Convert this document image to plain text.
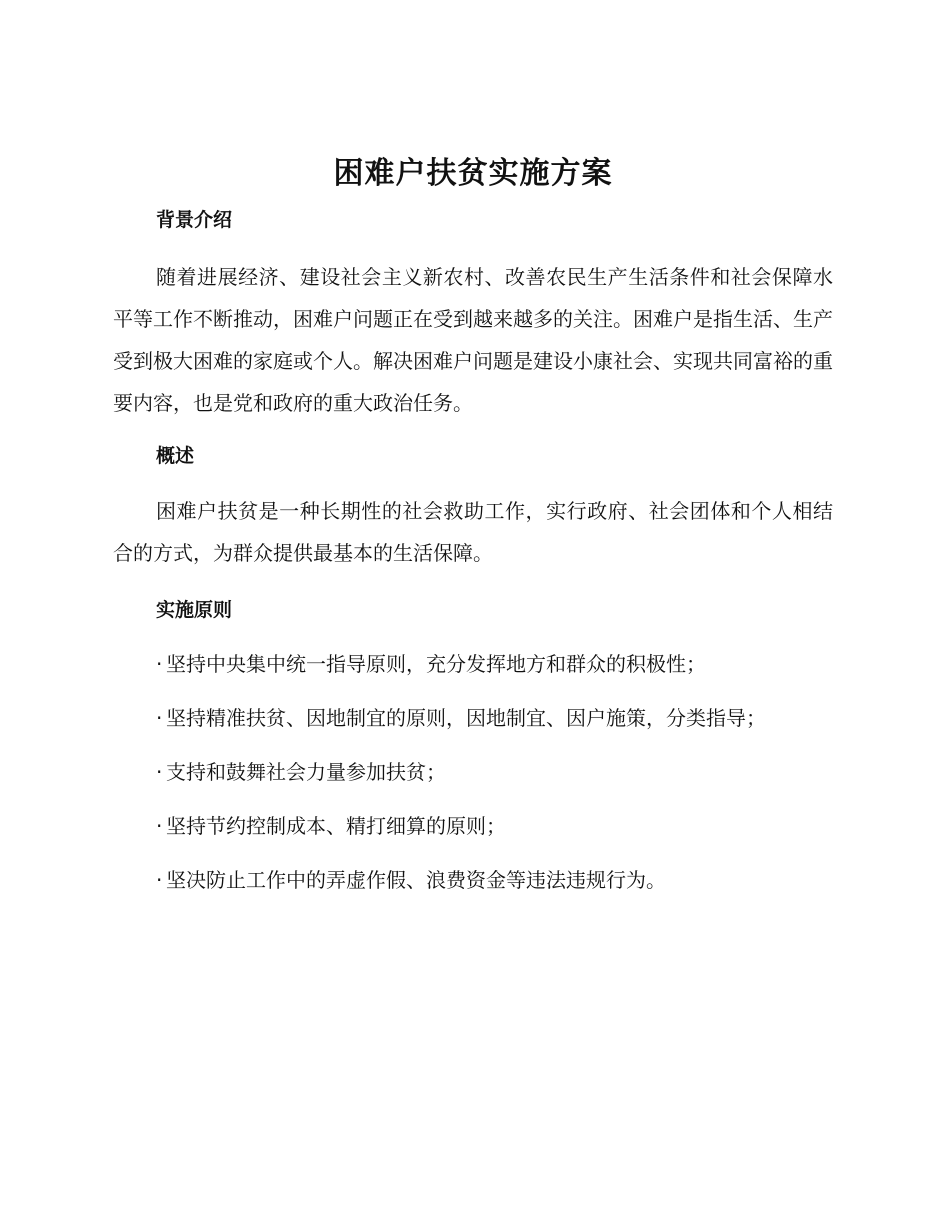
困难户扶贫实施方案
背景介绍

随着进展经济、建设社会主义新农村、改善农民生产生活条件和社会保障水平等工作不断推动，困难户问题正在受到越来越多的关注。困难户是指生活、生产受到极大困难的家庭或个人。解决困难户问题是建设小康社会、实现共同富裕的重要内容，也是党和政府的重大政治任务。

概述

困难户扶贫是一种长期性的社会救助工作，实行政府、社会团体和个人相结合的方式，为群众提供最基本的生活保障。

实施原则
· 坚持中央集中统一指导原则，充分发挥地方和群众的积极性；
· 坚持精准扶贫、因地制宜的原则，因地制宜、因户施策，分类指导；
· 支持和鼓舞社会力量参加扶贫；
· 坚持节约控制成本、精打细算的原则；
· 坚决防止工作中的弄虚作假、浪费资金等违法违规行为。
